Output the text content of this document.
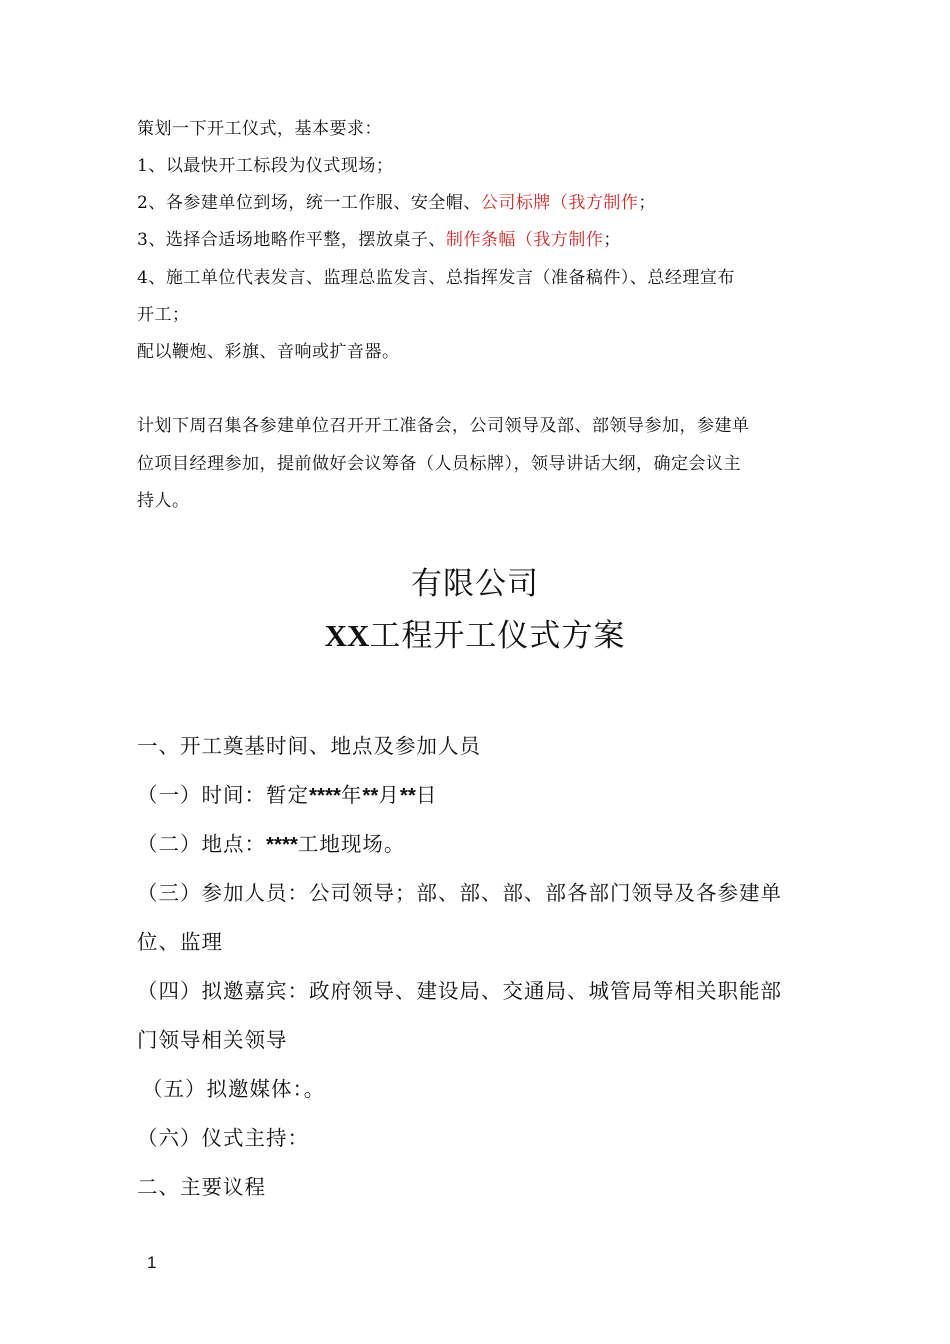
策划一下开工仪式，基本要求：
1、以最快开工标段为仪式现场；
2、各参建单位到场，统一工作服、安全帽、公司标牌（我方制作；
3、选择合适场地略作平整，摆放桌子、制作条幅（我方制作；
4、施工单位代表发言、监理总监发言、总指挥发言（准备稿件）、总经理宣布
开工；
配以鞭炮、彩旗、音响或扩音器。
计划下周召集各参建单位召开开工准备会，公司领导及部、部领导参加，参建单
位项目经理参加，提前做好会议筹备（人员标牌），领导讲话大纲，确定会议主
持人。
有限公司
XX工程开工仪式方案
一、开工奠基时间、地点及参加人员
（一）时间：暂定****年**月**日
（二）地点：****工地现场。
（三）参加人员：公司领导；部、部、部、部各部门领导及各参建单
位、监理
（四）拟邀嘉宾：政府领导、建设局、交通局、城管局等相关职能部
门领导相关领导
（五）拟邀媒体：。
（六）仪式主持：
二、主要议程
1
